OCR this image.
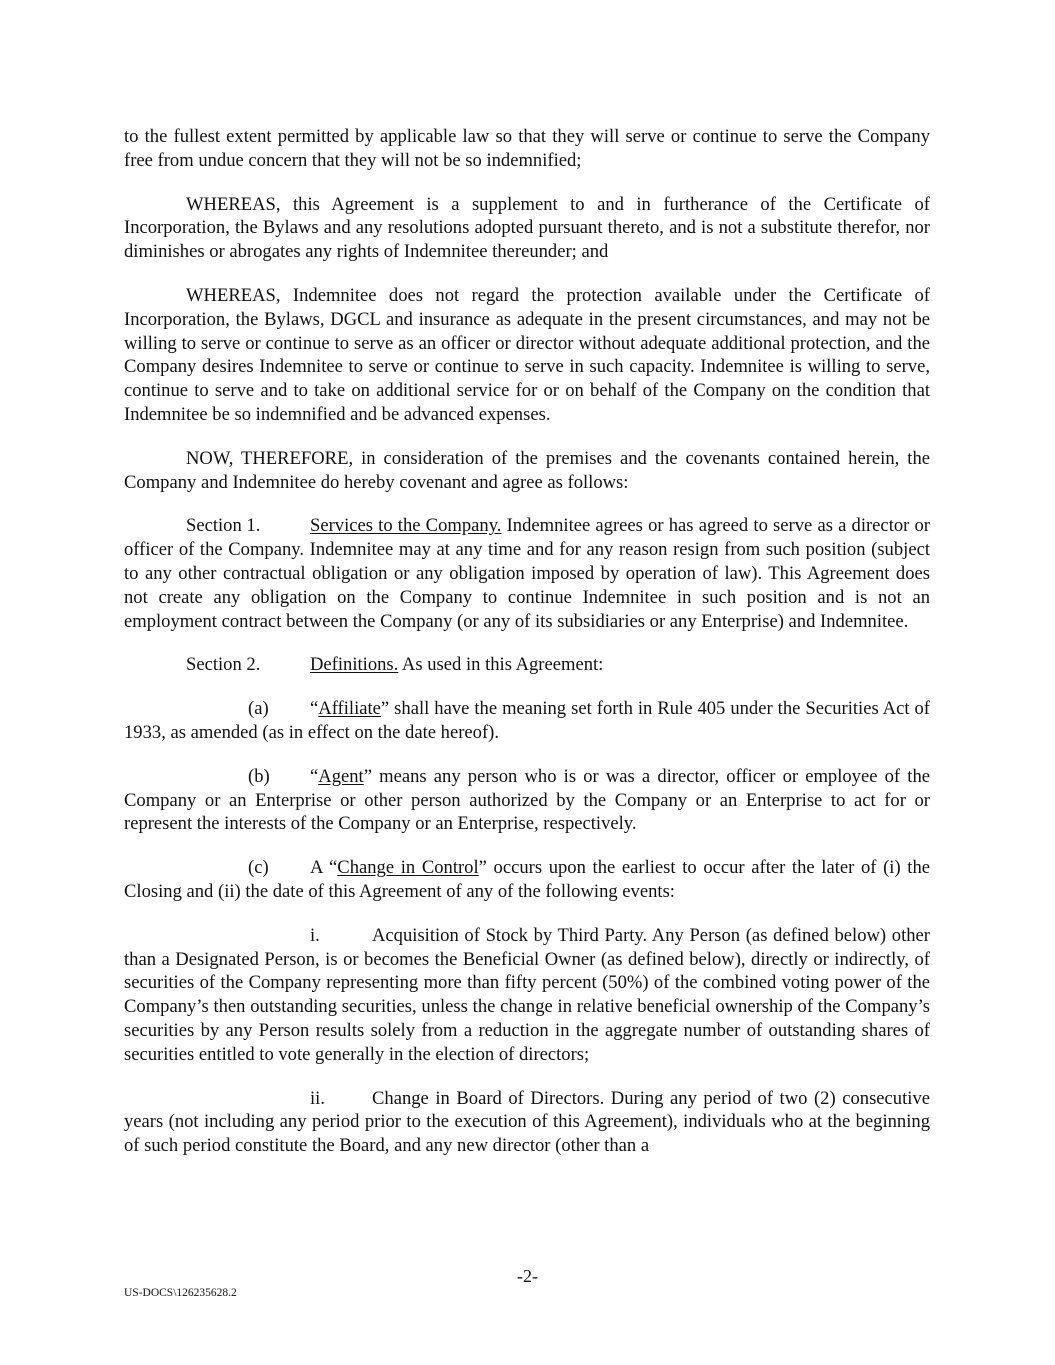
to the fullest extent permitted by applicable law so that they will serve or continue to serve the Company free from undue concern that they will not be so indemnified;

WHEREAS, this Agreement is a supplement to and in furtherance of the Certificate of Incorporation, the Bylaws and any resolutions adopted pursuant thereto, and is not a substitute therefor, nor diminishes or abrogates any rights of Indemnitee thereunder; and

WHEREAS, Indemnitee does not regard the protection available under the Certificate of Incorporation, the Bylaws, DGCL and insurance as adequate in the present circumstances, and may not be willing to serve or continue to serve as an officer or director without adequate additional protection, and the Company desires Indemnitee to serve or continue to serve in such capacity. Indemnitee is willing to serve, continue to serve and to take on additional service for or on behalf of the Company on the condition that Indemnitee be so indemnified and be advanced expenses.

NOW, THEREFORE, in consideration of the premises and the covenants contained herein, the Company and Indemnitee do hereby covenant and agree as follows:

Section 1.	Services to the Company. Indemnitee agrees or has agreed to serve as a director or officer of the Company. Indemnitee may at any time and for any reason resign from such position (subject to any other contractual obligation or any obligation imposed by operation of law). This Agreement does not create any obligation on the Company to continue Indemnitee in such position and is not an employment contract between the Company (or any of its subsidiaries or any Enterprise) and Indemnitee.

Section 2.	Definitions. As used in this Agreement:

(a) “Affiliate” shall have the meaning set forth in Rule 405 under the Securities Act of 1933, as amended (as in effect on the date hereof).

(b) “Agent” means any person who is or was a director, officer or employee of the Company or an Enterprise or other person authorized by the Company or an Enterprise to act for or represent the interests of the Company or an Enterprise, respectively.

(c) A “Change in Control” occurs upon the earliest to occur after the later of (i) the Closing and (ii) the date of this Agreement of any of the following events:

i.	Acquisition of Stock by Third Party. Any Person (as defined below) other than a Designated Person, is or becomes the Beneficial Owner (as defined below), directly or indirectly, of securities of the Company representing more than fifty percent (50%) of the combined voting power of the Company’s then outstanding securities, unless the change in relative beneficial ownership of the Company’s securities by any Person results solely from a reduction in the aggregate number of outstanding shares of securities entitled to vote generally in the election of directors;

ii.	Change in Board of Directors. During any period of two (2) consecutive years (not including any period prior to the execution of this Agreement), individuals who at the beginning of such period constitute the Board, and any new director (other than a

-2-
US-DOCS\126235628.2
